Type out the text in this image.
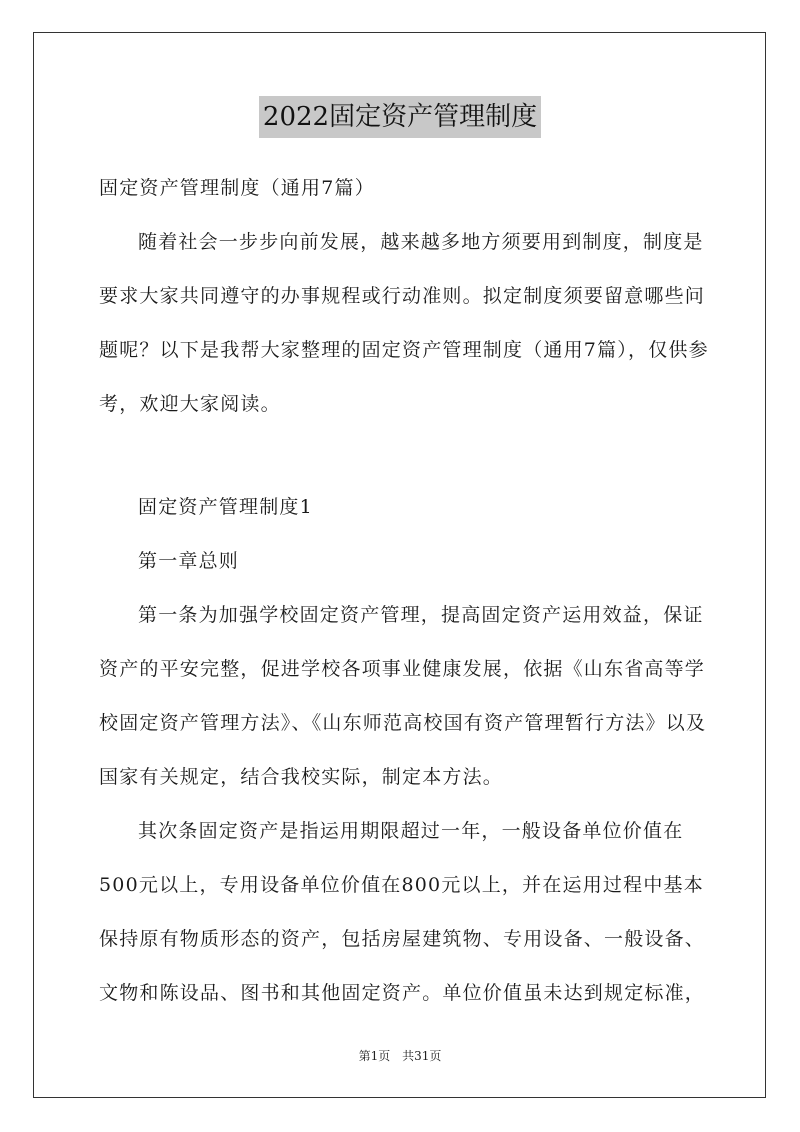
2022固定资产管理制度
固定资产管理制度（通用7篇）
随着社会一步步向前发展，越来越多地方须要用到制度，制度是
要求大家共同遵守的办事规程或行动准则。拟定制度须要留意哪些问
题呢？以下是我帮大家整理的固定资产管理制度（通用7篇），仅供参
考，欢迎大家阅读。
固定资产管理制度1
第一章总则
第一条为加强学校固定资产管理，提高固定资产运用效益，保证
资产的平安完整，促进学校各项事业健康发展，依据《山东省高等学
校固定资产管理方法》、《山东师范高校国有资产管理暂行方法》以及
国家有关规定，结合我校实际，制定本方法。
其次条固定资产是指运用期限超过一年，一般设备单位价值在
500元以上，专用设备单位价值在800元以上，并在运用过程中基本
保持原有物质形态的资产，包括房屋建筑物、专用设备、一般设备、
文物和陈设品、图书和其他固定资产。单位价值虽未达到规定标准，
第1页 共31页
